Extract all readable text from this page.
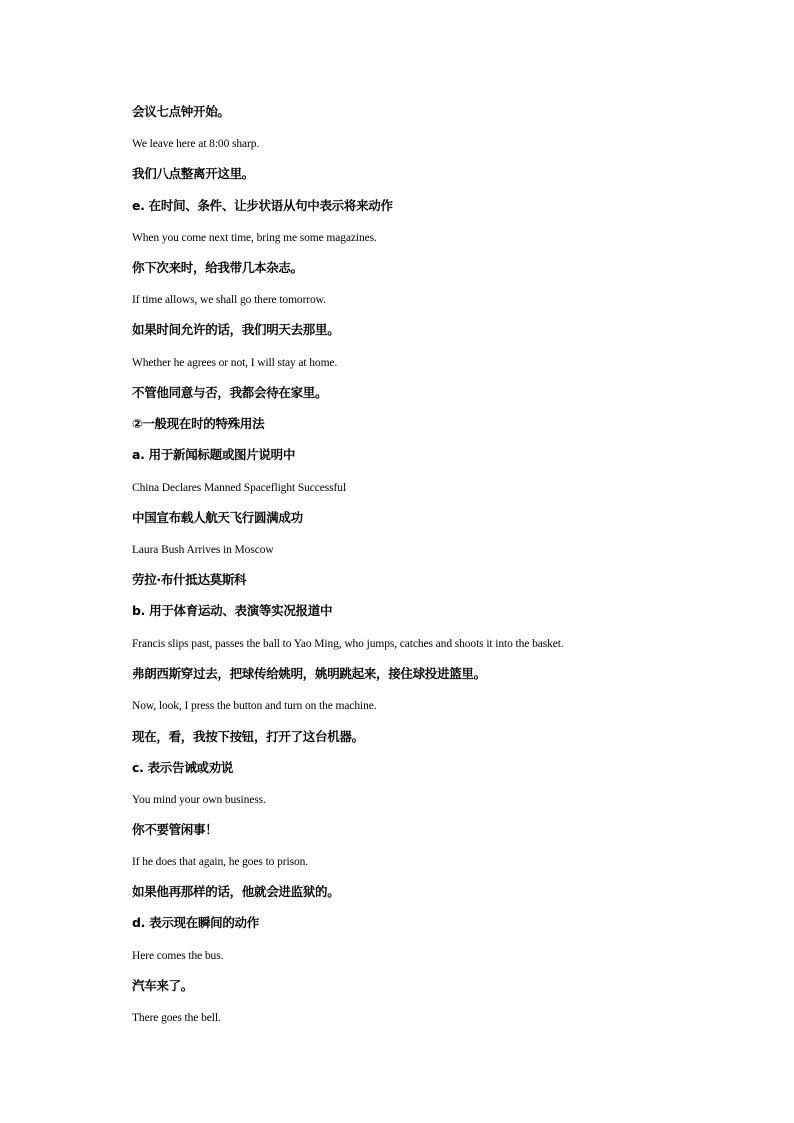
会议七点钟开始。
We leave here at 8:00 sharp.
我们八点整离开这里。
e. 在时间、条件、让步状语从句中表示将来动作
When you come next time, bring me some magazines.
你下次来时，给我带几本杂志。
If time allows, we shall go there tomorrow.
如果时间允许的话，我们明天去那里。
Whether he agrees or not, I will stay at home.
不管他同意与否，我都会待在家里。
②一般现在时的特殊用法
a. 用于新闻标题或图片说明中
China Declares Manned Spaceflight Successful
中国宣布载人航天飞行圆满成功
Laura Bush Arrives in Moscow
劳拉·布什抵达莫斯科
b. 用于体育运动、表演等实况报道中
Francis slips past, passes the ball to Yao Ming, who jumps, catches and shoots it into the basket.
弗朗西斯穿过去，把球传给姚明，姚明跳起来，接住球投进篮里。
Now, look, I press the button and turn on the machine.
现在，看，我按下按钮，打开了这台机器。
c. 表示告诫或劝说
You mind your own business.
你不要管闲事！
If he does that again, he goes to prison.
如果他再那样的话，他就会进监狱的。
d. 表示现在瞬间的动作
Here comes the bus.
汽车来了。
There goes the bell.
